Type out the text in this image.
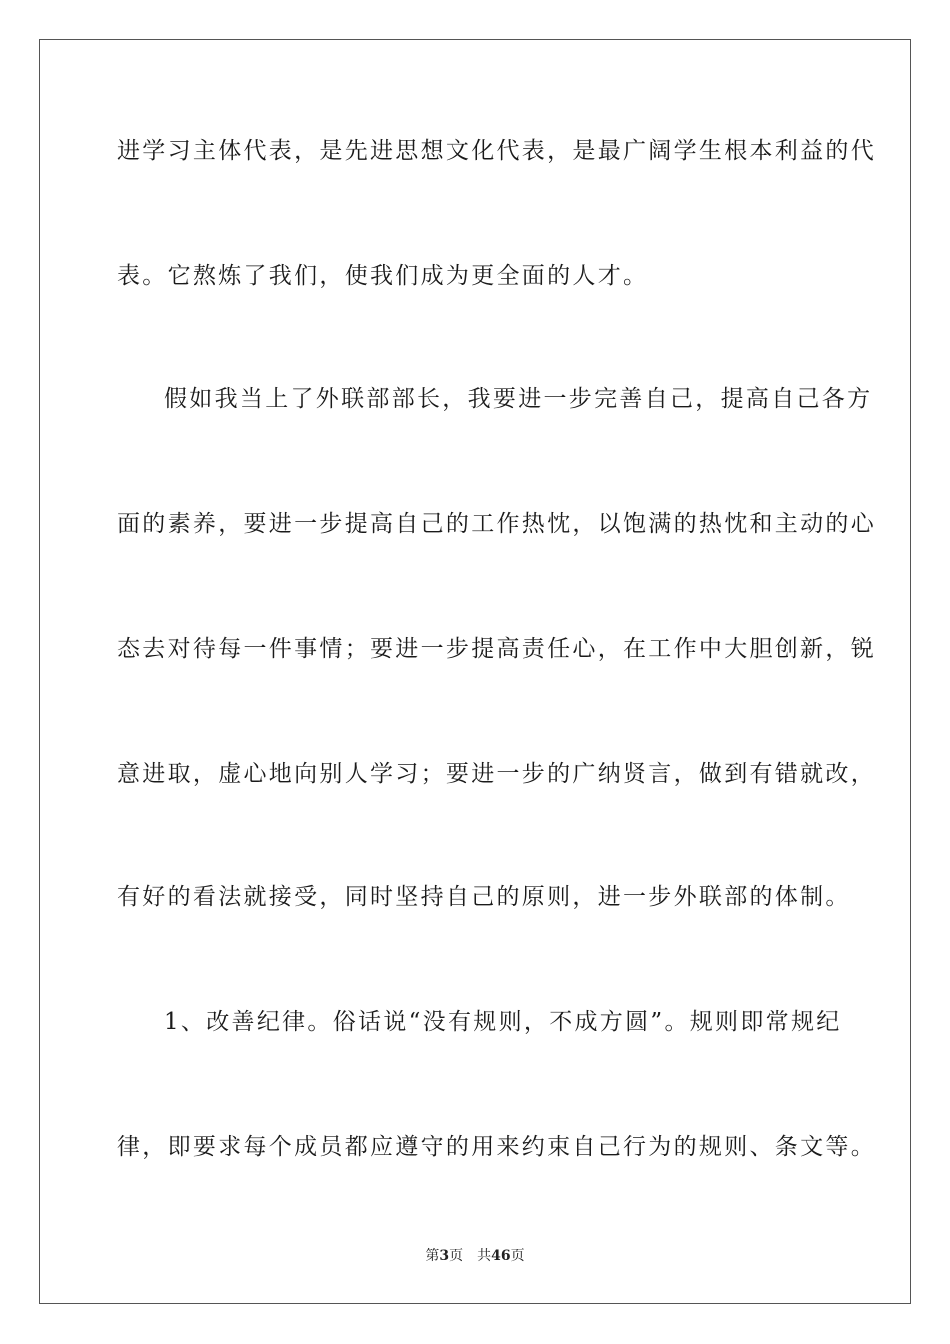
进学习主体代表，是先进思想文化代表，是最广阔学生根本利益的代
表。它熬炼了我们，使我们成为更全面的人才。
假如我当上了外联部部长，我要进一步完善自己，提高自己各方
面的素养，要进一步提高自己的工作热忱，以饱满的热忱和主动的心
态去对待每一件事情；要进一步提高责任心，在工作中大胆创新，锐
意进取，虚心地向别人学习；要进一步的广纳贤言，做到有错就改，
有好的看法就接受，同时坚持自己的原则，进一步外联部的体制。
1、改善纪律。俗话说“没有规则，不成方圆”。规则即常规纪
律，即要求每个成员都应遵守的用来约束自己行为的规则、条文等。
第3页 共46页
